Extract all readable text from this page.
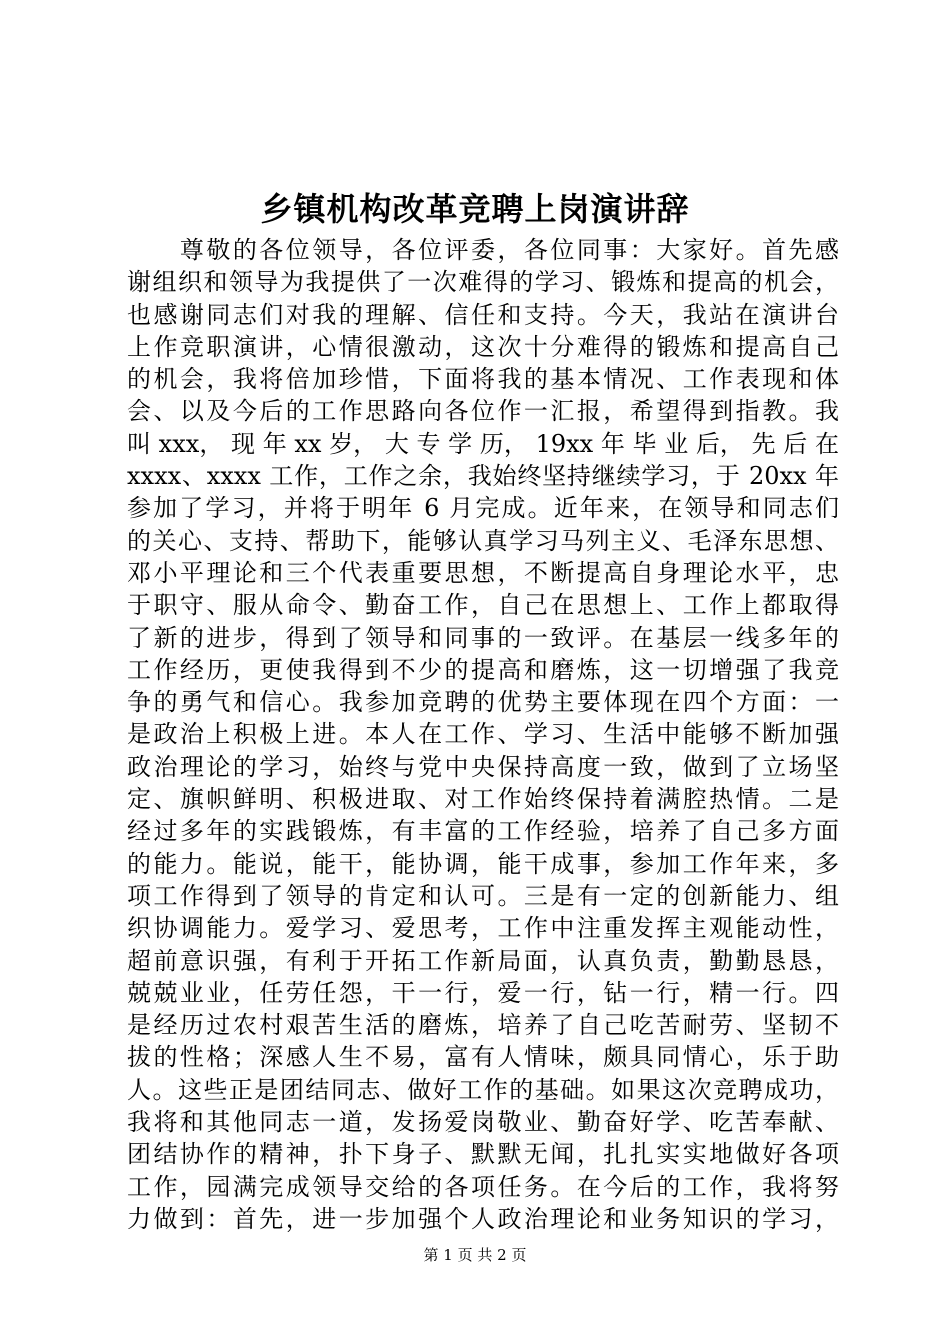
乡镇机构改革竞聘上岗演讲辞
　　尊敬的各位领导，各位评委，各位同事：大家好。首先感
谢组织和领导为我提供了一次难得的学习、锻炼和提高的机会，
也感谢同志们对我的理解、信任和支持。今天，我站在演讲台
上作竞职演讲，心情很激动，这次十分难得的锻炼和提高自己
的机会，我将倍加珍惜，下面将我的基本情况、工作表现和体
会、以及今后的工作思路向各位作一汇报，希望得到指教。我
叫 xxx， 现 年 xx 岁， 大 专 学 历， 19xx 年 毕 业 后， 先 后 在
xxxx、xxxx 工作，工作之余，我始终坚持继续学习，于 20xx 年
参加了学习，并将于明年 6 月完成。近年来，在领导和同志们
的关心、支持、帮助下，能够认真学习马列主义、毛泽东思想、
邓小平理论和三个代表重要思想，不断提高自身理论水平，忠
于职守、服从命令、勤奋工作，自己在思想上、工作上都取得
了新的进步，得到了领导和同事的一致评。在基层一线多年的
工作经历，更使我得到不少的提高和磨炼，这一切增强了我竞
争的勇气和信心。我参加竞聘的优势主要体现在四个方面：一
是政治上积极上进。本人在工作、学习、生活中能够不断加强
政治理论的学习，始终与党中央保持高度一致，做到了立场坚
定、旗帜鲜明、积极进取、对工作始终保持着满腔热情。二是
经过多年的实践锻炼，有丰富的工作经验，培养了自己多方面
的能力。能说，能干，能协调，能干成事，参加工作年来，多
项工作得到了领导的肯定和认可。三是有一定的创新能力、组
织协调能力。爱学习、爱思考，工作中注重发挥主观能动性，
超前意识强，有利于开拓工作新局面，认真负责，勤勤恳恳，
兢兢业业，任劳任怨，干一行，爱一行，钻一行，精一行。四
是经历过农村艰苦生活的磨炼，培养了自己吃苦耐劳、坚韧不
拔的性格；深感人生不易，富有人情味，颇具同情心，乐于助
人。这些正是团结同志、做好工作的基础。如果这次竞聘成功，
我将和其他同志一道，发扬爱岗敬业、勤奋好学、吃苦奉献、
团结协作的精神，扑下身子、默默无闻，扎扎实实地做好各项
工作，园满完成领导交给的各项任务。在今后的工作，我将努
力做到：首先，进一步加强个人政治理论和业务知识的学习，
第 1 页 共 2 页
